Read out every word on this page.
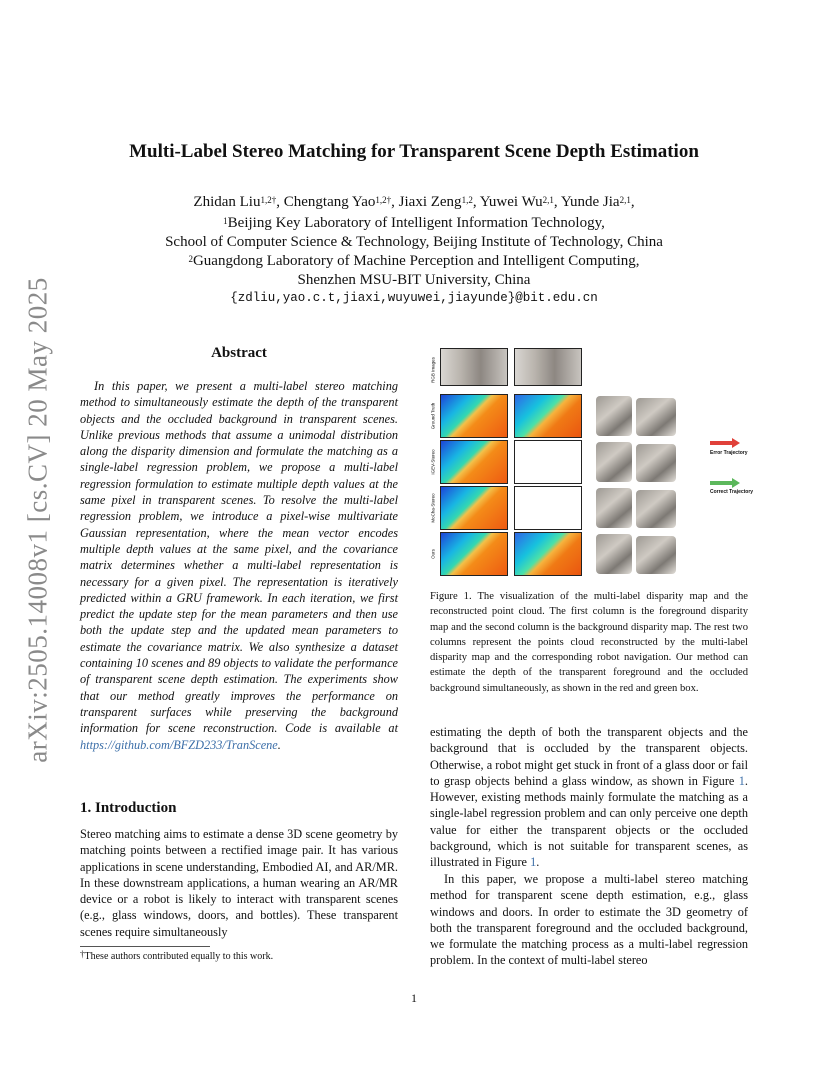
arXiv:2505.14008v1 [cs.CV] 20 May 2025
Multi-Label Stereo Matching for Transparent Scene Depth Estimation
Zhidan Liu$^{1,2\dagger}$, Chengtang Yao$^{1,2\dagger}$, Jiaxi Zeng$^{1,2}$, Yuwei Wu$^{2,1}$, Yunde Jia$^{2,1}$,
$^1$Beijing Key Laboratory of Intelligent Information Technology,
School of Computer Science & Technology, Beijing Institute of Technology, China
$^2$Guangdong Laboratory of Machine Perception and Intelligent Computing,
Shenzhen MSU-BIT University, China
{zdliu,yao.c.t,jiaxi,wuyuwei,jiayunde}@bit.edu.cn
Abstract
In this paper, we present a multi-label stereo matching method to simultaneously estimate the depth of the transparent objects and the occluded background in transparent scenes. Unlike previous methods that assume a unimodal distribution along the disparity dimension and formulate the matching as a single-label regression problem, we propose a multi-label regression formulation to estimate multiple depth values at the same pixel in transparent scenes. To resolve the multi-label regression problem, we introduce a pixel-wise multivariate Gaussian representation, where the mean vector encodes multiple depth values at the same pixel, and the covariance matrix determines whether a multi-label representation is necessary for a given pixel. The representation is iteratively predicted within a GRU framework. In each iteration, we first predict the update step for the mean parameters and then use both the update step and the updated mean parameters to estimate the covariance matrix. We also synthesize a dataset containing 10 scenes and 89 objects to validate the performance of transparent scene depth estimation. The experiments show that our method greatly improves the performance on transparent surfaces while preserving the background information for scene reconstruction. Code is available at https://github.com/BFZD233/TranScene.
1. Introduction
Stereo matching aims to estimate a dense 3D scene geometry by matching points between a rectified image pair. It has various applications in scene understanding, Embodied AI, and AR/MR. In these downstream applications, a human wearing an AR/MR device or a robot is likely to interact with transparent scenes (e.g., glass windows, doors, and bottles). These transparent scenes require simultaneously
†These authors contributed equally to this work.
RGB Images
Ground Truth
IGEV-Stereo
MoCha-Stereo
Ours
Error Trajectory
Correct Trajectory
Figure 1. The visualization of the multi-label disparity map and the reconstructed point cloud. The first column is the foreground disparity map and the second column is the background disparity map. The rest two columns represent the points cloud reconstructed by the multi-label disparity map and the corresponding robot navigation. Our method can estimate the depth of the transparent foreground and the occluded background simultaneously, as shown in the red and green box.
estimating the depth of both the transparent objects and the background that is occluded by the transparent objects. Otherwise, a robot might get stuck in front of a glass door or fail to grasp objects behind a glass window, as shown in Figure 1. However, existing methods mainly formulate the matching as a single-label regression problem and can only perceive one depth value for either the transparent objects or the occluded background, which is not suitable for transparent scenes, as illustrated in Figure 1.
In this paper, we propose a multi-label stereo matching method for transparent scene depth estimation, e.g., glass windows and doors. In order to estimate the 3D geometry of both the transparent foreground and the occluded background, we formulate the matching process as a multi-label regression problem. In the context of multi-label stereo
1
